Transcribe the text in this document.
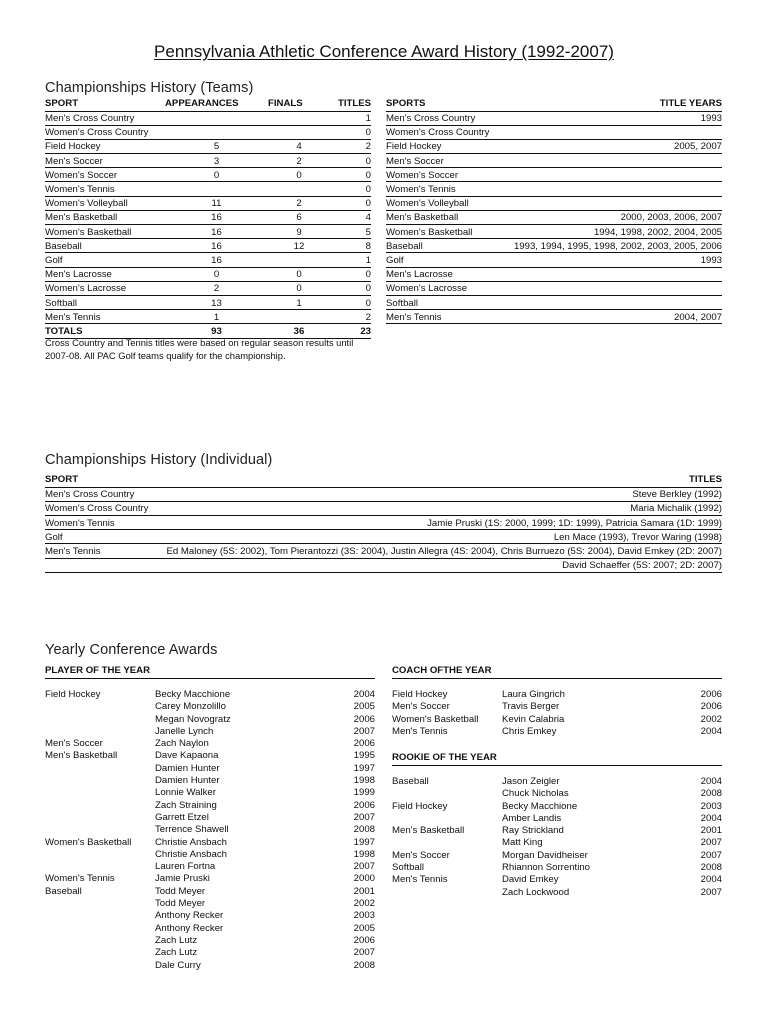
Pennsylvania Athletic Conference Award History (1992-2007)
Championships History (Teams)
SPORT	APPEARANCES	FINALS	TITLES
Men's Cross Country			1
Women's Cross Country			0
Field Hockey	5	4	2
Men's Soccer	3	2	0
Women's Soccer	0	0	0
Women's Tennis			0
Women's Volleyball	11	2	0
Men's Basketball	16	6	4
Women's Basketball	16	9	5
Baseball	16	12	8
Golf	16		1
Men's Lacrosse	0	0	0
Women's Lacrosse	2	0	0
Softball	13	1	0
Men's Tennis	1		2
TOTALS	93	36	23
Cross Country and Tennis titles were based on regular season results until 2007-08. All PAC Golf teams qualify for the championship.
SPORTS	TITLE YEARS
Men's Cross Country	1993
Women's Cross Country	
Field Hockey	2005, 2007
Men's Soccer	
Women's Soccer	
Women's Tennis	
Women's Volleyball	
Men's Basketball	2000, 2003, 2006, 2007
Women's Basketball	1994, 1998, 2002, 2004, 2005
Baseball	1993, 1994, 1995, 1998, 2002, 2003, 2005, 2006
Golf	1993
Men's Lacrosse	
Women's Lacrosse	
Softball	
Men's Tennis	2004, 2007
Championships History (Individual)
SPORT	TITLES
Men's Cross Country	Steve Berkley (1992)
Women's Cross Country	Maria Michalik (1992)
Women's Tennis	Jamie Pruski (1S: 2000, 1999; 1D: 1999), Patricia Samara (1D: 1999)
Golf	Len Mace (1993), Trevor Waring (1998)
Men's Tennis	Ed Maloney (5S: 2002), Tom Pierantozzi (3S: 2004), Justin Allegra (4S: 2004), Chris Burruezo (5S: 2004), David Emkey (2D: 2007)
	David Schaeffer (5S: 2007; 2D: 2007)
Yearly Conference Awards
PLAYER OF THE YEAR
Field Hockey	Becky Macchione	2004
	Carey Monzolillo	2005
	Megan Novogratz	2006
	Janelle Lynch	2007
Men's Soccer	Zach Naylon	2006
Men's Basketball	Dave Kapaona	1995
	Damien Hunter	1997
	Damien Hunter	1998
	Lonnie Walker	1999
	Zach Straining	2006
	Garrett Etzel	2007
	Terrence Shawell	2008
Women's Basketball	Christie Ansbach	1997
	Christie Ansbach	1998
	Lauren Fortna	2007
Women's Tennis	Jamie Pruski	2000
Baseball	Todd Meyer	2001
	Todd Meyer	2002
	Anthony Recker	2003
	Anthony Recker	2005
	Zach Lutz	2006
	Zach Lutz	2007
	Dale Curry	2008
COACH OFTHE YEAR
Field Hockey	Laura Gingrich	2006
Men's Soccer	Travis Berger	2006
Women's Basketball	Kevin Calabria	2002
Men's Tennis	Chris Emkey	2004
ROOKIE OF THE YEAR
Baseball	Jason Zeigler	2004
	Chuck Nicholas	2008
Field Hockey	Becky Macchione	2003
	Amber Landis	2004
Men's Basketball	Ray Strickland	2001
	Matt King	2007
Men's Soccer	Morgan Davidheiser	2007
Softball	Rhiannon Sorrentino	2008
Men's Tennis	David Emkey	2004
	Zach Lockwood	2007
